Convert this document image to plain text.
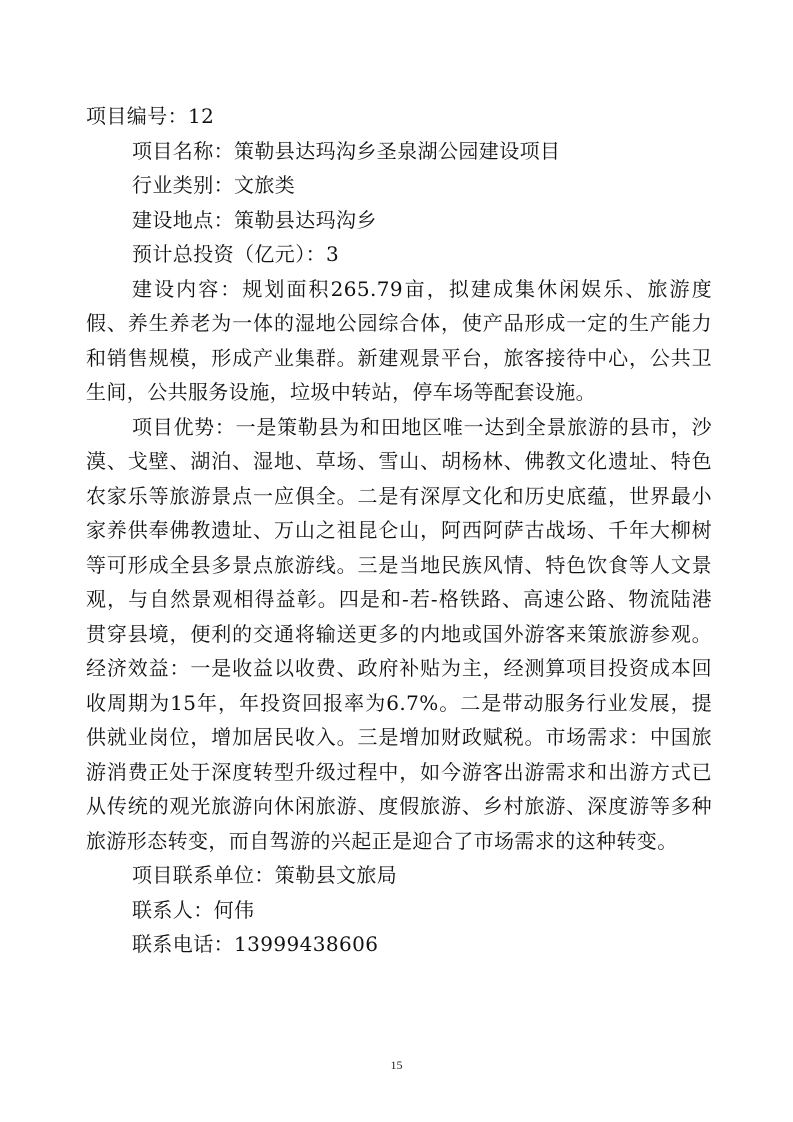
项目编号：12

项目名称：策勒县达玛沟乡圣泉湖公园建设项目

行业类别：文旅类

建设地点：策勒县达玛沟乡

预计总投资（亿元）：3

建设内容：规划面积265.79亩，拟建成集休闲娱乐、旅游度假、养生养老为一体的湿地公园综合体，使产品形成一定的生产能力和销售规模，形成产业集群。新建观景平台，旅客接待中心，公共卫生间，公共服务设施，垃圾中转站，停车场等配套设施。

项目优势：一是策勒县为和田地区唯一达到全景旅游的县市，沙漠、戈壁、湖泊、湿地、草场、雪山、胡杨林、佛教文化遗址、特色农家乐等旅游景点一应俱全。二是有深厚文化和历史底蕴，世界最小家养供奉佛教遗址、万山之祖昆仑山，阿西阿萨古战场、千年大柳树等可形成全县多景点旅游线。三是当地民族风情、特色饮食等人文景观，与自然景观相得益彰。四是和-若-格铁路、高速公路、物流陆港贯穿县境，便利的交通将输送更多的内地或国外游客来策旅游参观。经济效益：一是收益以收费、政府补贴为主，经测算项目投资成本回收周期为15年，年投资回报率为6.7%。二是带动服务行业发展，提供就业岗位，增加居民收入。三是增加财政赋税。市场需求：中国旅游消费正处于深度转型升级过程中，如今游客出游需求和出游方式已从传统的观光旅游向休闲旅游、度假旅游、乡村旅游、深度游等多种旅游形态转变，而自驾游的兴起正是迎合了市场需求的这种转变。

项目联系单位：策勒县文旅局

联系人：何伟

联系电话：13999438606

15
